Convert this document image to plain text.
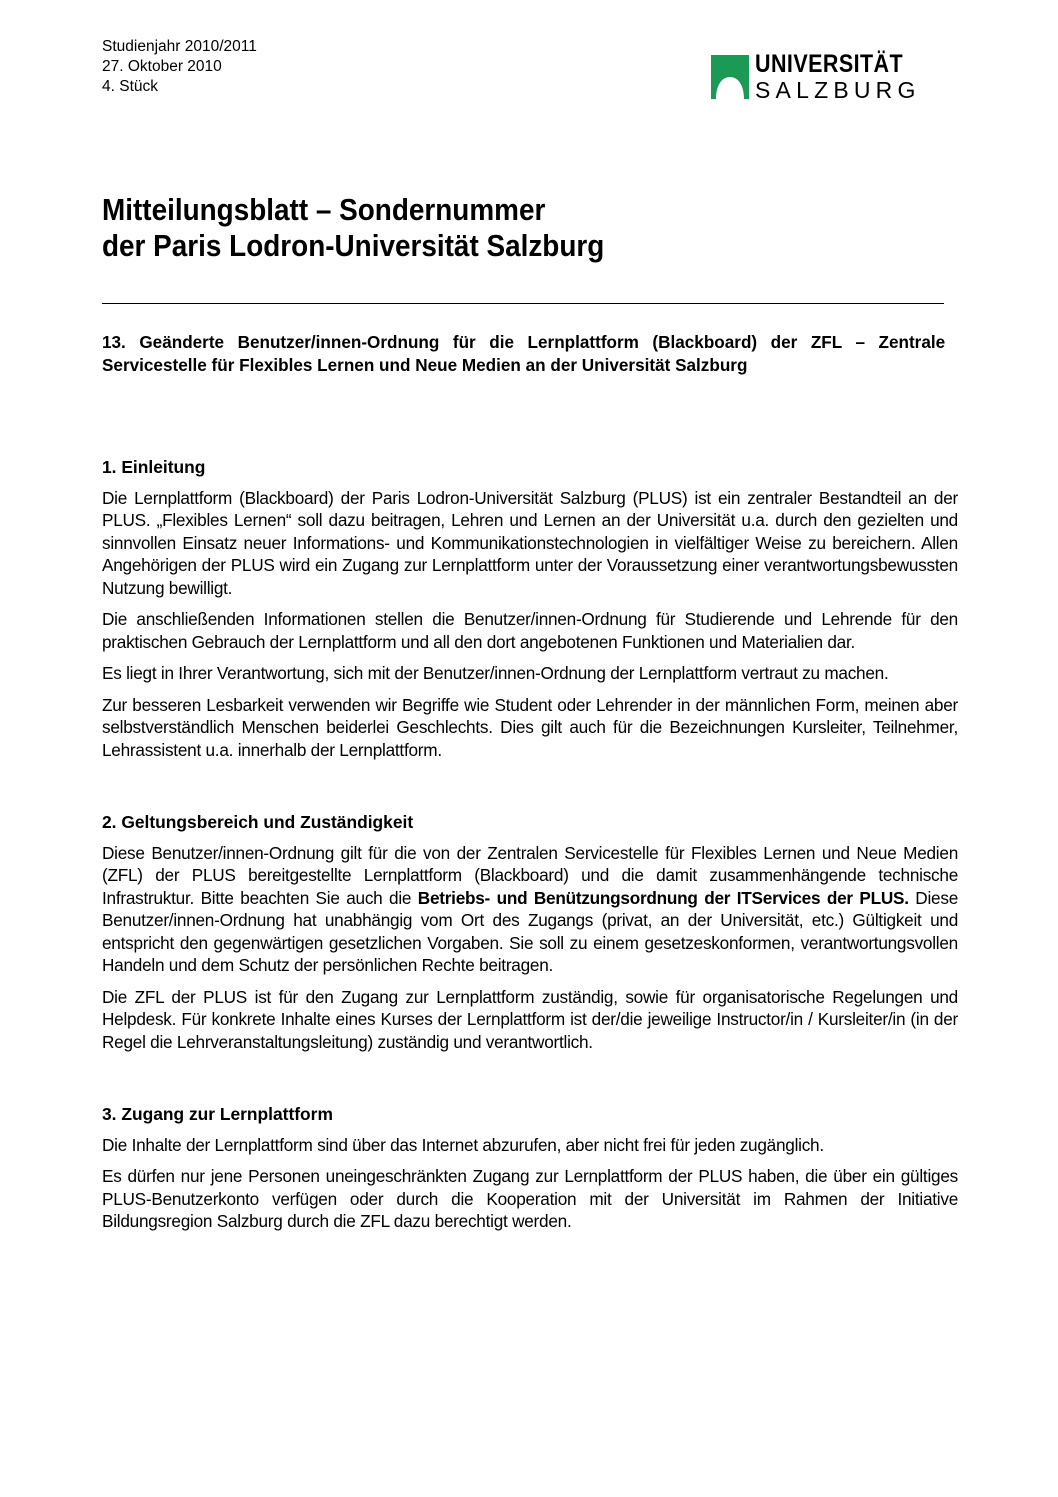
Studienjahr 2010/2011
27. Oktober 2010
4. Stück
UNIVERSITÄT
SALZBURG
Mitteilungsblatt – Sondernummer
der Paris Lodron-Universität Salzburg

13. Geänderte Benutzer/innen-Ordnung für die Lernplattform (Blackboard) der ZFL – Zentrale Servicestelle für Flexibles Lernen und Neue Medien an der Universität Salzburg

1. Einleitung

Die Lernplattform (Blackboard) der Paris Lodron-Universität Salzburg (PLUS) ist ein zentraler Bestandteil an der PLUS. „Flexibles Lernen“ soll dazu beitragen, Lehren und Lernen an der Universität u.a. durch den gezielten und sinnvollen Einsatz neuer Informations- und Kommunikationstechnologien in vielfältiger Weise zu bereichern. Allen Angehörigen der PLUS wird ein Zugang zur Lernplattform unter der Voraussetzung einer verantwortungsbewussten Nutzung bewilligt.

Die anschließenden Informationen stellen die Benutzer/innen-Ordnung für Studierende und Lehrende für den praktischen Gebrauch der Lernplattform und all den dort angebotenen Funktionen und Materialien dar.

Es liegt in Ihrer Verantwortung, sich mit der Benutzer/innen-Ordnung der Lernplattform vertraut zu machen.

Zur besseren Lesbarkeit verwenden wir Begriffe wie Student oder Lehrender in der männlichen Form, meinen aber selbstverständlich Menschen beiderlei Geschlechts. Dies gilt auch für die Bezeichnungen Kursleiter, Teilnehmer, Lehrassistent u.a. innerhalb der Lernplattform.

2. Geltungsbereich und Zuständigkeit

Diese Benutzer/innen-Ordnung gilt für die von der Zentralen Servicestelle für Flexibles Lernen und Neue Medien (ZFL) der PLUS bereitgestellte Lernplattform (Blackboard) und die damit zusammenhängende technische Infrastruktur. Bitte beachten Sie auch die Betriebs- und Benützungsordnung der ITServices der PLUS. Diese Benutzer/innen-Ordnung hat unabhängig vom Ort des Zugangs (privat, an der Universität, etc.) Gültigkeit und entspricht den gegenwärtigen gesetzlichen Vorgaben. Sie soll zu einem gesetzeskonformen, verantwortungsvollen Handeln und dem Schutz der persönlichen Rechte beitragen.

Die ZFL der PLUS ist für den Zugang zur Lernplattform zuständig, sowie für organisatorische Regelungen und Helpdesk. Für konkrete Inhalte eines Kurses der Lernplattform ist der/die jeweilige Instructor/in / Kursleiter/in (in der Regel die Lehrveranstaltungsleitung) zuständig und verantwortlich.

3. Zugang zur Lernplattform

Die Inhalte der Lernplattform sind über das Internet abzurufen, aber nicht frei für jeden zugänglich.

Es dürfen nur jene Personen uneingeschränkten Zugang zur Lernplattform der PLUS haben, die über ein gültiges PLUS-Benutzerkonto verfügen oder durch die Kooperation mit der Universität im Rahmen der Initiative Bildungsregion Salzburg durch die ZFL dazu berechtigt werden.
